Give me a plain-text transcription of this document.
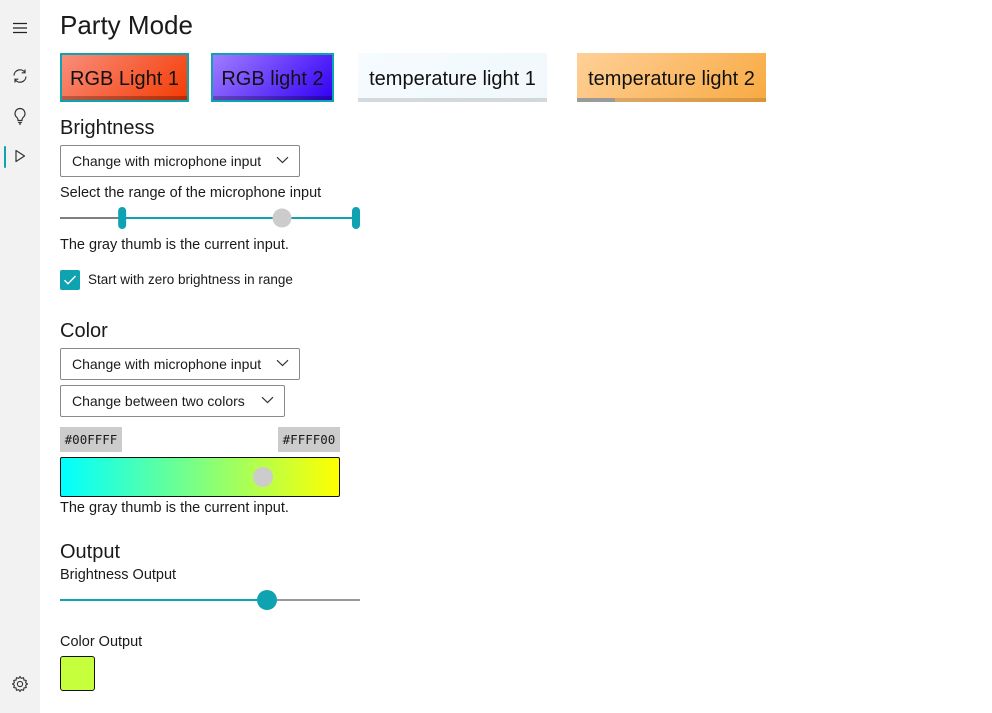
Party Mode
RGB Light 1 RGB light 2 temperature light 1	temperature light 2
Brightness
Change with microphone input
Select the range of the microphone input
The gray thumb is the current input.
Start with zero brightness in range
Color
Change with microphone input
Change between two colors
#00FFFF	#FFFF00
The gray thumb is the current input.
Output
Brightness Output
Color Output
